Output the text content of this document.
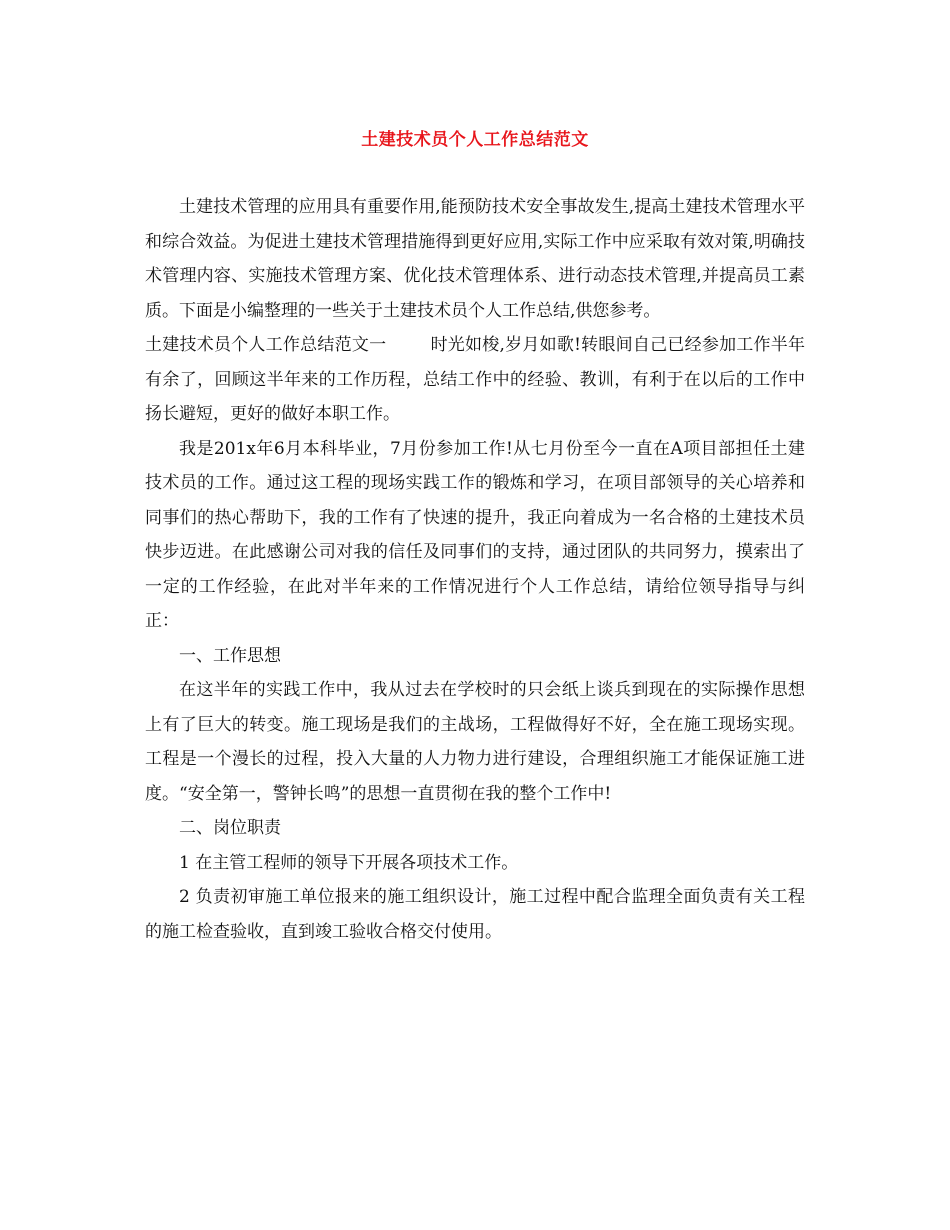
土建技术员个人工作总结范文

土建技术管理的应用具有重要作用,能预防技术安全事故发生,提高土建技术管理水平和综合效益。为促进土建技术管理措施得到更好应用,实际工作中应采取有效对策,明确技术管理内容、实施技术管理方案、优化技术管理体系、进行动态技术管理,并提高员工素质。下面是小编整理的一些关于土建技术员个人工作总结,供您参考。

土建技术员个人工作总结范文一	时光如梭,岁月如歌!转眼间自己已经参加工作半年有余了，回顾这半年来的工作历程，总结工作中的经验、教训，有利于在以后的工作中扬长避短，更好的做好本职工作。

我是201x年6月本科毕业，7月份参加工作!从七月份至今一直在A项目部担任土建技术员的工作。通过这工程的现场实践工作的锻炼和学习，在项目部领导的关心培养和同事们的热心帮助下，我的工作有了快速的提升，我正向着成为一名合格的土建技术员快步迈进。在此感谢公司对我的信任及同事们的支持，通过团队的共同努力，摸索出了一定的工作经验，在此对半年来的工作情况进行个人工作总结，请给位领导指导与纠正：

一、工作思想

在这半年的实践工作中，我从过去在学校时的只会纸上谈兵到现在的实际操作思想上有了巨大的转变。施工现场是我们的主战场，工程做得好不好，全在施工现场实现。工程是一个漫长的过程，投入大量的人力物力进行建设，合理组织施工才能保证施工进度。“安全第一，警钟长鸣”的思想一直贯彻在我的整个工作中!

二、岗位职责

1 在主管工程师的领导下开展各项技术工作。

2 负责初审施工单位报来的施工组织设计，施工过程中配合监理全面负责有关工程的施工检查验收，直到竣工验收合格交付使用。
